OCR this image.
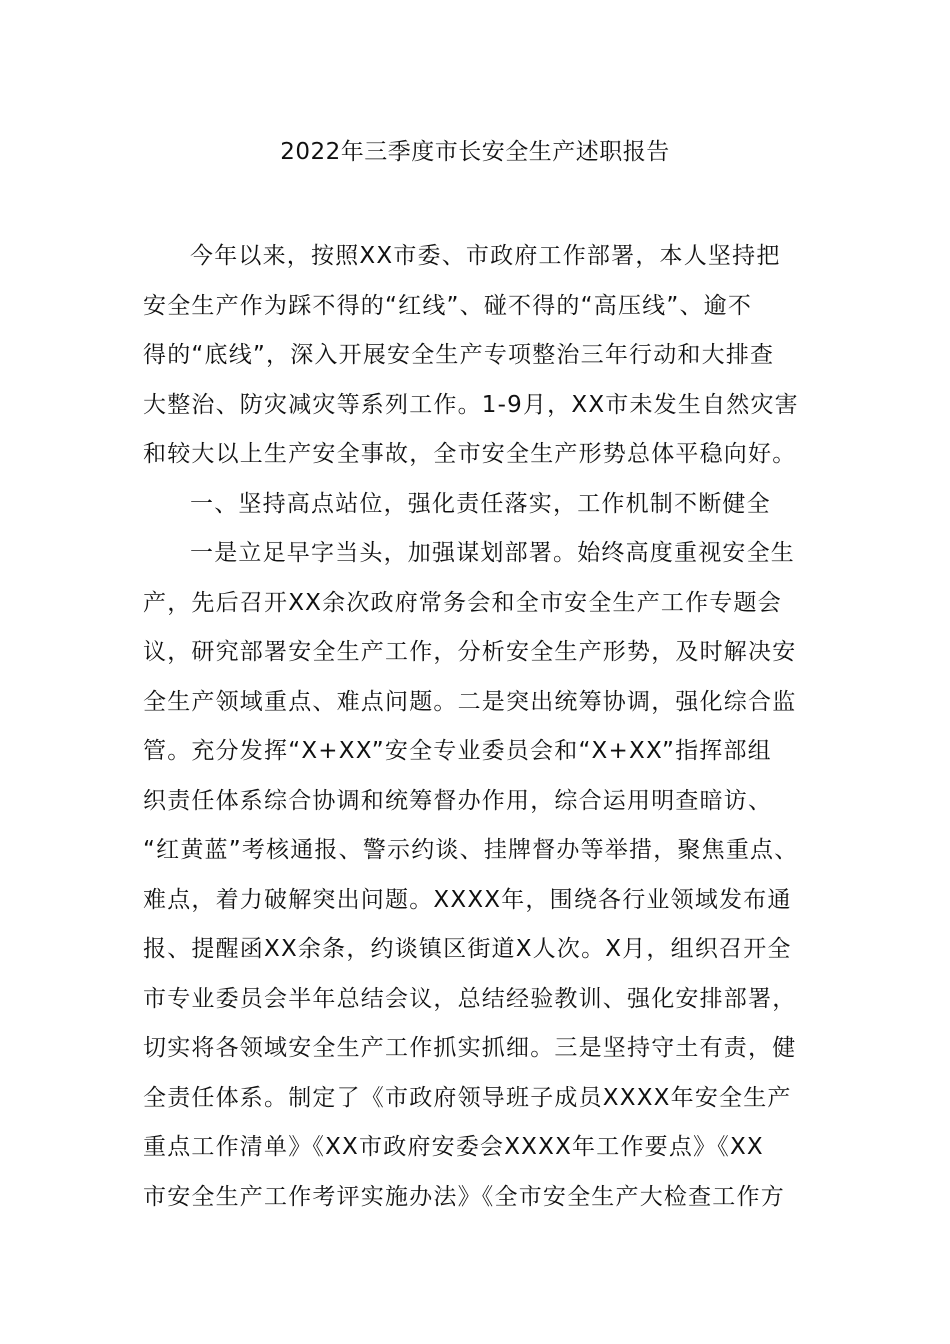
2022年三季度市长安全生产述职报告
今年以来，按照XX市委、市政府工作部署，本人坚持把
安全生产作为踩不得的“红线”、碰不得的“高压线”、逾不
得的“底线”，深入开展安全生产专项整治三年行动和大排查
大整治、防灾减灾等系列工作。1-9月，XX市未发生自然灾害
和较大以上生产安全事故，全市安全生产形势总体平稳向好。
一、坚持高点站位，强化责任落实，工作机制不断健全
一是立足早字当头，加强谋划部署。始终高度重视安全生
产，先后召开XX余次政府常务会和全市安全生产工作专题会
议，研究部署安全生产工作，分析安全生产形势，及时解决安
全生产领域重点、难点问题。二是突出统筹协调，强化综合监
管。充分发挥“X+XX”安全专业委员会和“X+XX”指挥部组
织责任体系综合协调和统筹督办作用，综合运用明查暗访、
“红黄蓝”考核通报、警示约谈、挂牌督办等举措，聚焦重点、
难点，着力破解突出问题。XXXX年，围绕各行业领域发布通
报、提醒函XX余条，约谈镇区街道X人次。X月，组织召开全
市专业委员会半年总结会议，总结经验教训、强化安排部署，
切实将各领域安全生产工作抓实抓细。三是坚持守土有责，健
全责任体系。制定了《市政府领导班子成员XXXX年安全生产
重点工作清单》《XX市政府安委会XXXX年工作要点》《XX
市安全生产工作考评实施办法》《全市安全生产大检查工作方
